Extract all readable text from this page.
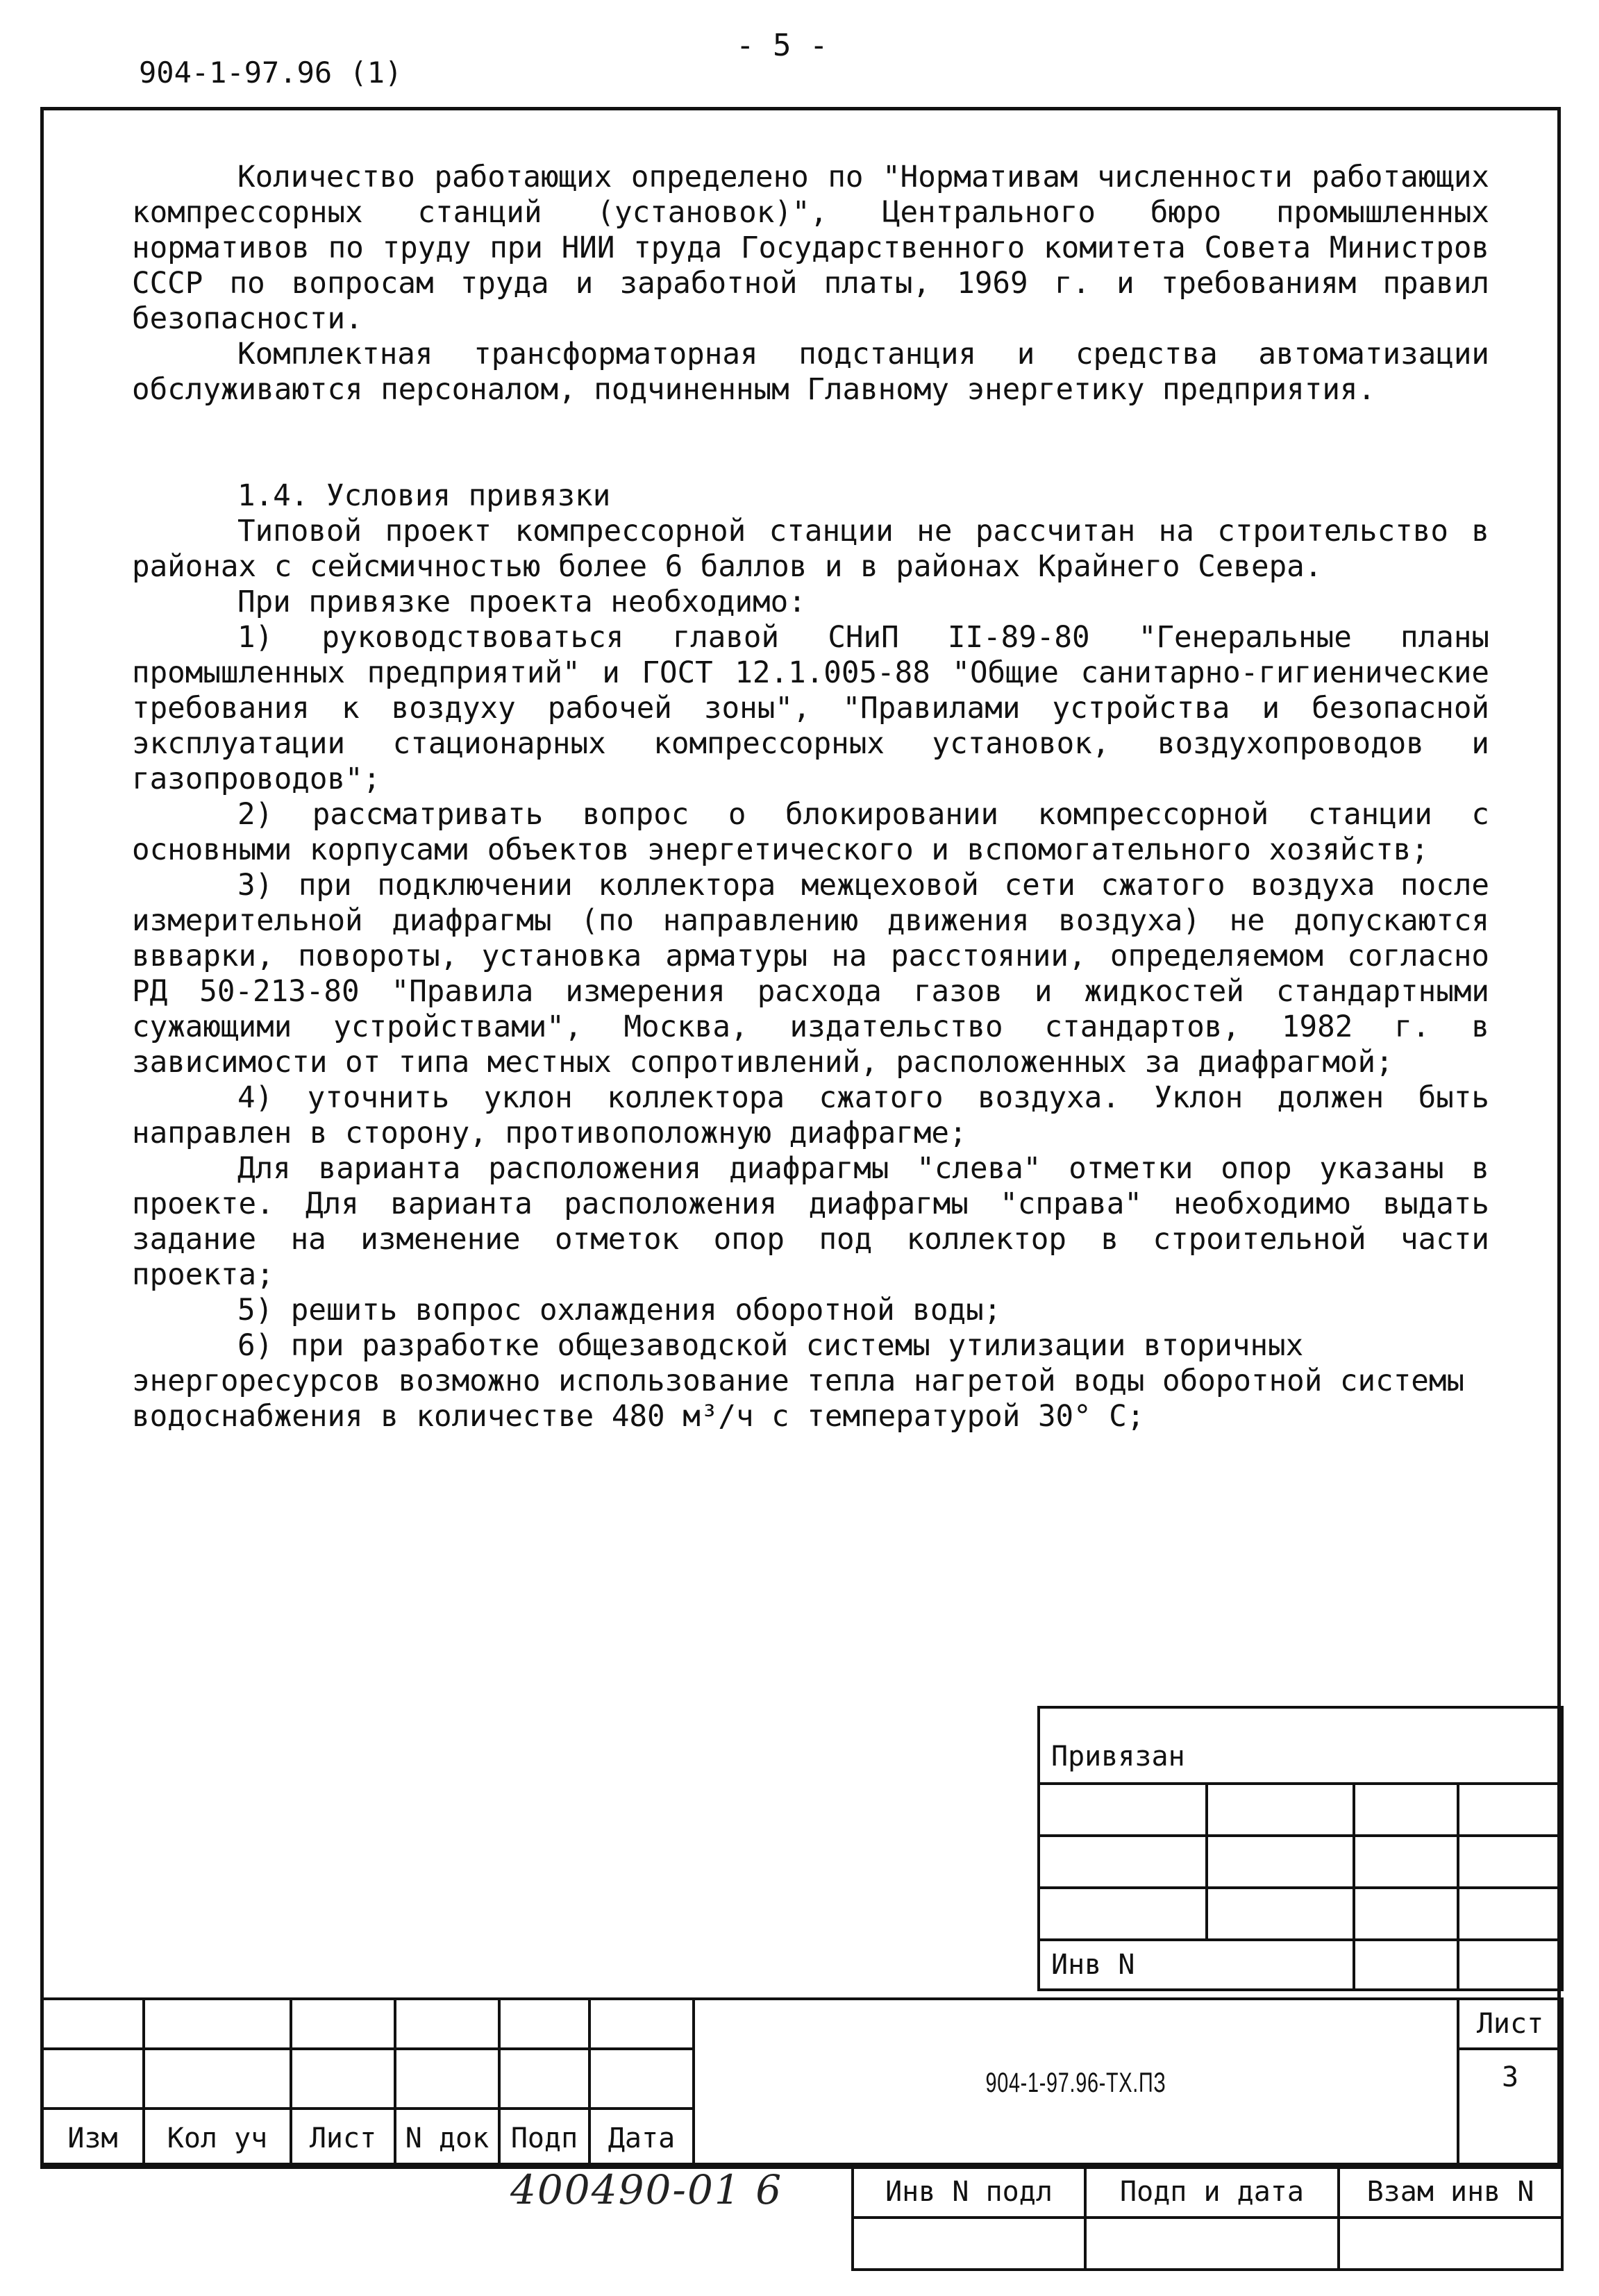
- 5 -
904-1-97.96 (1)

Количество работающих определено по "Нормативам численности работающих компрессорных станций (установок)", Центрального бюро промышленных нормативов по труду при НИИ труда Государственного комитета Совета Министров СССР по вопросам труда и заработной платы, 1969 г. и требованиям правил безопасности.

Комплектная трансформаторная подстанция и средства автоматизации обслуживаются персоналом, подчиненным Главному энергетику предприятия.

1.4. Условия привязки

Типовой проект компрессорной станции не рассчитан на строительство в районах с сейсмичностью более 6 баллов и в районах Крайнего Севера.

При привязке проекта необходимо:

1) руководствоваться главой СНиП II-89-80 "Генеральные планы промышленных предприятий" и ГОСТ 12.1.005-88 "Общие санитарно-гигиенические требования к воздуху рабочей зоны", "Правилами устройства и безопасной эксплуатации стационарных компрессорных установок, воздухопроводов и газопроводов";

2) рассматривать вопрос о блокировании компрессорной станции с основными корпусами объектов энергетического и вспомогательного хозяйств;

3) при подключении коллектора межцеховой сети сжатого воздуха после измерительной диафрагмы (по направлению движения воздуха) не допускаются ввварки, повороты, установка арматуры на расстоянии, определяемом согласно РД 50-213-80 "Правила измерения расхода газов и жидкостей стандартными сужающими устройствами", Москва, издательство стандартов, 1982 г. в зависимости от типа местных сопротивлений, расположенных за диафрагмой;

4) уточнить уклон коллектора сжатого воздуха. Уклон должен быть направлен в сторону, противоположную диафрагме;

Для варианта расположения диафрагмы "слева" отметки опор указаны в проекте. Для варианта расположения диафрагмы "справа" необходимо выдать задание на изменение отметок опор под коллектор в строительной части проекта;

5) решить вопрос охлаждения оборотной воды;

6) при разработке общезаводской системы утилизации вторичных энергоресурсов возможно использование тепла нагретой воды оборотной системы водоснабжения в количестве 480 м³/ч с температурой 30° С;

Привязан			

Инв N			
						904-1-97.96-ТХ.ПЗ	Лист
							3
Изм	Кол уч	Лист	N док	Подп	Дата		
400490-01 6	Инв N подл	Подп и дата	Взам инв N
